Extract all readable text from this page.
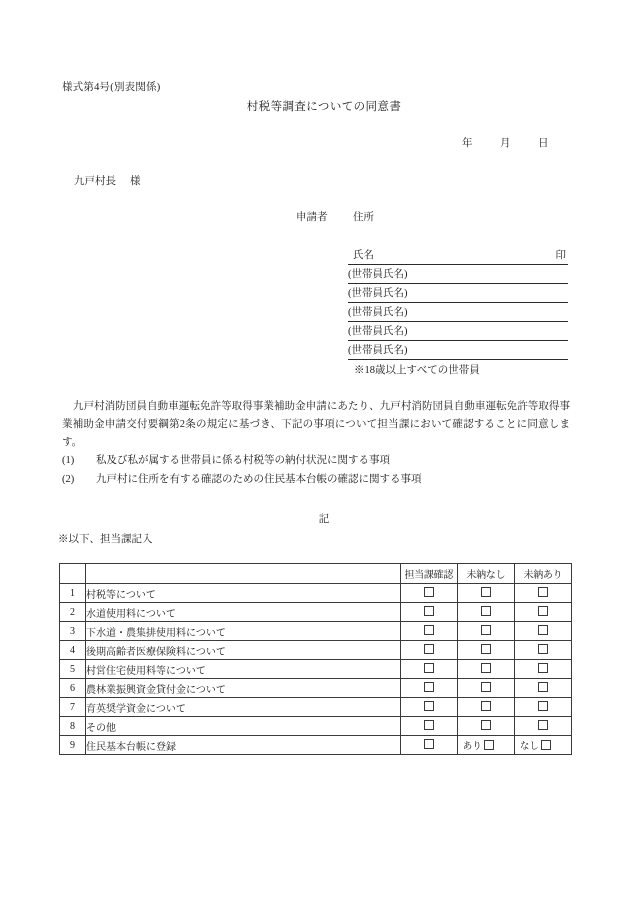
様式第4号(別表関係)
村税等調査についての同意書
年	月	日
九戸村長 様
申請者 住所
氏名	印
(世帯員氏名)
(世帯員氏名)
(世帯員氏名)
(世帯員氏名)
(世帯員氏名)
※18歳以上すべての世帯員
九戸村消防団員自動車運転免許等取得事業補助金申請にあたり、九戸村消防団員自動車運転免許等取得事業補助金申請交付要綱第2条の規定に基づき、下記の事項について担当課において確認することに同意します。
(1) 私及び私が属する世帯員に係る村税等の納付状況に関する事項
(2) 九戸村に住所を有する確認のための住民基本台帳の確認に関する事項
記
※以下、担当課記入
		担当課確認	未納なし	未納あり
1	村税等について			
2	水道使用料について			
3	下水道・農集排使用料について			
4	後期高齢者医療保険料について			
5	村営住宅使用料等について			
6	農林業振興資金貸付金について			
7	育英奨学資金について			
8	その他			
9	住民基本台帳に登録		あり	なし
